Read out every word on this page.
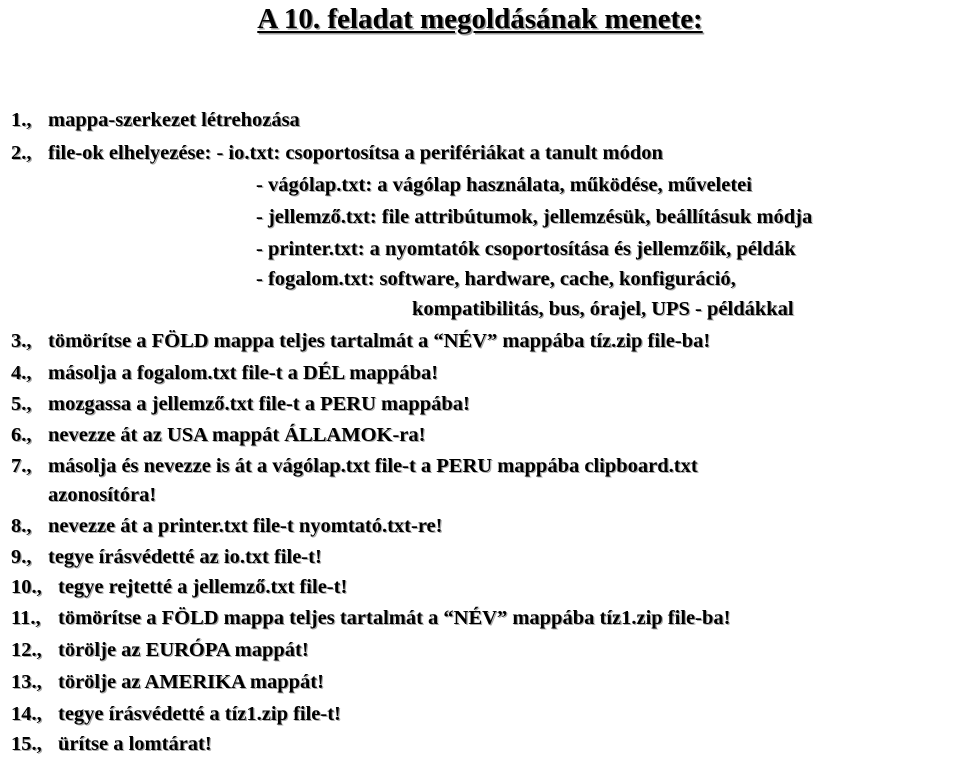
A 10. feladat megoldásának menete:
1., mappa-szerkezet létrehozása
2., file-ok elhelyezése: - io.txt: csoportosítsa a perifériákat a tanult módon
- vágólap.txt: a vágólap használata, működése, műveletei
- jellemző.txt: file attribútumok, jellemzésük, beállításuk módja
- printer.txt: a nyomtatók csoportosítása és jellemzőik, példák
- fogalom.txt: software, hardware, cache, konfiguráció,
kompatibilitás, bus, órajel, UPS - példákkal
3., tömörítse a FÖLD mappa teljes tartalmát a “NÉV” mappába tíz.zip file-ba!
4., másolja a fogalom.txt file-t a DÉL mappába!
5., mozgassa a jellemző.txt file-t a PERU mappába!
6., nevezze át az USA mappát ÁLLAMOK-ra!
7., másolja és nevezze is át a vágólap.txt file-t a PERU mappába clipboard.txt
azonosítóra!
8., nevezze át a printer.txt file-t nyomtató.txt-re!
9., tegye írásvédetté az io.txt file-t!
10., tegye rejtetté a jellemző.txt file-t!
11., tömörítse a FÖLD mappa teljes tartalmát a “NÉV” mappába tíz1.zip file-ba!
12., törölje az EURÓPA mappát!
13., törölje az AMERIKA mappát!
14., tegye írásvédetté a tíz1.zip file-t!
15., ürítse a lomtárat!
